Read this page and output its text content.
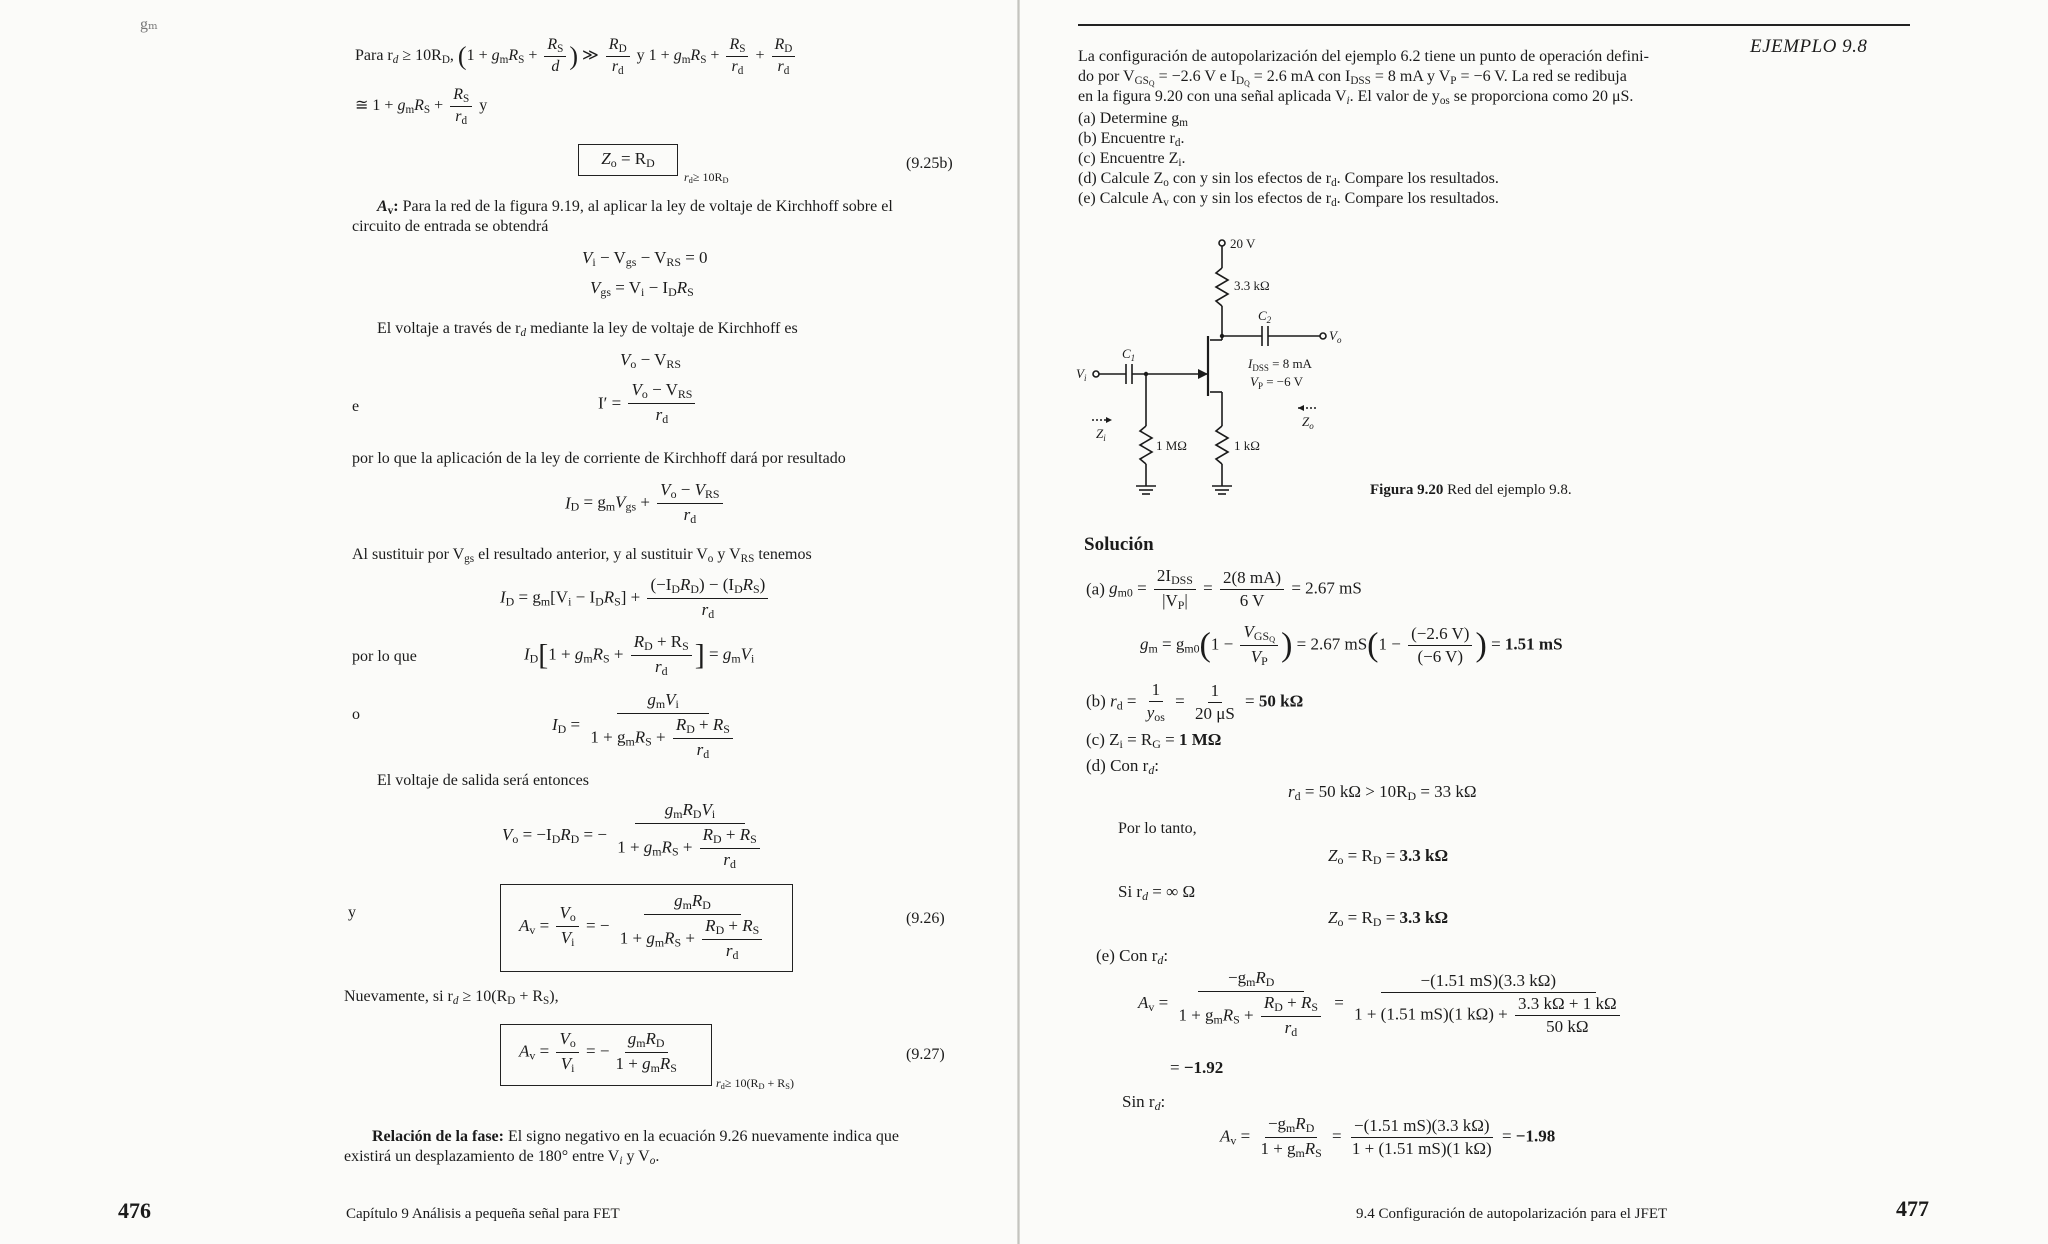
gₘ
Para $r_d \ge 10R_D$, ($1 + g_mR_S + \frac{R_S}{d}$ ) ≫ $\frac{R_D}{r_d}$ y $1 + g_mR_S + \frac{R_S}{r_d} + \frac{R_D}{r_d}$
≅ $1 + g_mR_S + \frac{R_S}{r_d}$ y
$Z_o = R_D$
$r_d\ge 10R_D$
(9.25b)
$A_v$: Para la red de la figura 9.19, al aplicar la ley de voltaje de Kirchhoff sobre el
circuito de entrada se obtendrá
$V_i - V_{gs} - V_{RS} = 0$
$V_{gs} = V_i - I_DR_S$
El voltaje a través de $r_d$ mediante la ley de voltaje de Kirchhoff es
$V_o - V_{RS}$
e	$I' = \frac{V_o - V_{RS}}{r_d}$
por lo que la aplicación de la ley de corriente de Kirchhoff dará por resultado
$I_D = g_mV_{gs} + \frac{V_o - V_{RS}}{r_d}$
Al sustituir por $V_{gs}$ el resultado anterior, y al sustituir $V_o$ y $V_{RS}$ tenemos
$I_D = g_m[V_i - I_DR_S] + \frac{(-I_DR_D) - (I_DR_S)}{r_d}$
por lo que	$I_D[1 + g_mR_S + \frac{R_D + R_S}{r_d}$ ] = $g_mV_i$
o
$I_D = \frac{g_mV_i}{1 + g_mR_S + \frac{R_D + R_S}{r_d}}$
El voltaje de salida será entonces
$V_o = -I_DR_D$ = − $\frac{g_mR_DV_i}{1 + g_mR_S + \frac{R_D + R_S}{r_d}}$
y
$A_v = \frac{V_o}{V_i}$ = − $\frac{g_mR_D}{1 + g_mR_S + \frac{R_D + R_S}{r_d}}$	(9.26)
Nuevamente, si $r_d \ge 10(R_D + R_S)$,
$A_v = \frac{V_o}{V_i}$ = − $\frac{g_mR_D}{1 + g_mR_S}$
$r_d\ge 10(R_D + R_S)$
(9.27)
Relación de la fase: El signo negativo en la ecuación 9.26 nuevamente indica que
existirá un desplazamiento de 180° entre $V_i$ y $V_o$.
476	Capítulo 9 Análisis a pequeña señal para FET
EJEMPLO 9.8
La configuración de autopolarización del ejemplo 6.2 tiene un punto de operación defini-
do por $V_{GS_Q} = -2.6$ V e $I_{D_Q} = 2.6$ mA con $I_{DSS} = 8$ mA y $V_P = -6$ V. La red se redibuja
en la figura 9.20 con una señal aplicada $V_i$. El valor de $y_{os}$ se proporciona como 20 μS.
(a) Determine $g_m$
(b) Encuentre $r_d$.
(c) Encuentre $Z_i$.
(d) Calcule $Z_o$ con y sin los efectos de $r_d$. Compare los resultados.
(e) Calcule $A_v$ con y sin los efectos de $r_d$. Compare los resultados.
20 V
3.3 kΩ
$C_2$
$V_o$
$C_1$
$V_i$
$I_{DSS} = 8$ mA
$V_P = -6$ V
$Z_i$
$Z_o$
1 MΩ	1 kΩ
Figura 9.20 Red del ejemplo 9.8.
Solución
(a) $g_{m0} = \frac{2I_{DSS}}{|V_P|} = \frac{2(8 mA)}{6 V} = 2.67$ mS
$g_m = g_{m0}(1 - \frac{V_{GS_Q}}{V_P}$ ) = 2.67 $mS(1 - \frac{(-2.6 V)}{(-6 V)}$ ) = 1.51 mS
(b) $r_d = \frac{1}{y_{os}} = \frac{1}{20 \mu S} = 50$ kΩ
(c) $Z_i = R_G = 1$ MΩ
(d) Con $r_d$:
$r_d = 50$ $k\Omega > 10R_D = 33$ kΩ
Por lo tanto,
$Z_o = R_D = 3.3$ kΩ
Si $r_d$ = ∞ Ω
$Z_o = R_D = 3.3$ kΩ
(e) Con $r_d$:
$A_v = \frac{-g_mR_D}{1 + g_mR_S + \frac{R_D + R_S}{r_d}} = \frac{-(1.51 mS)(3.3 k\Omega)}{1 + (1.51 mS)(1 k\Omega) + \frac{3.3 k\Omega + 1 k\Omega}{50 k\Omega}}$
= −1.92
Sin $r_d$:
$A_v = \frac{-g_mR_D}{1 + g_mR_S} = \frac{-(1.51 mS)(3.3 k\Omega)}{1 + (1.51 mS)(1 k\Omega)} = -1.98$
9.4 Configuración de autopolarización para el JFET	477
